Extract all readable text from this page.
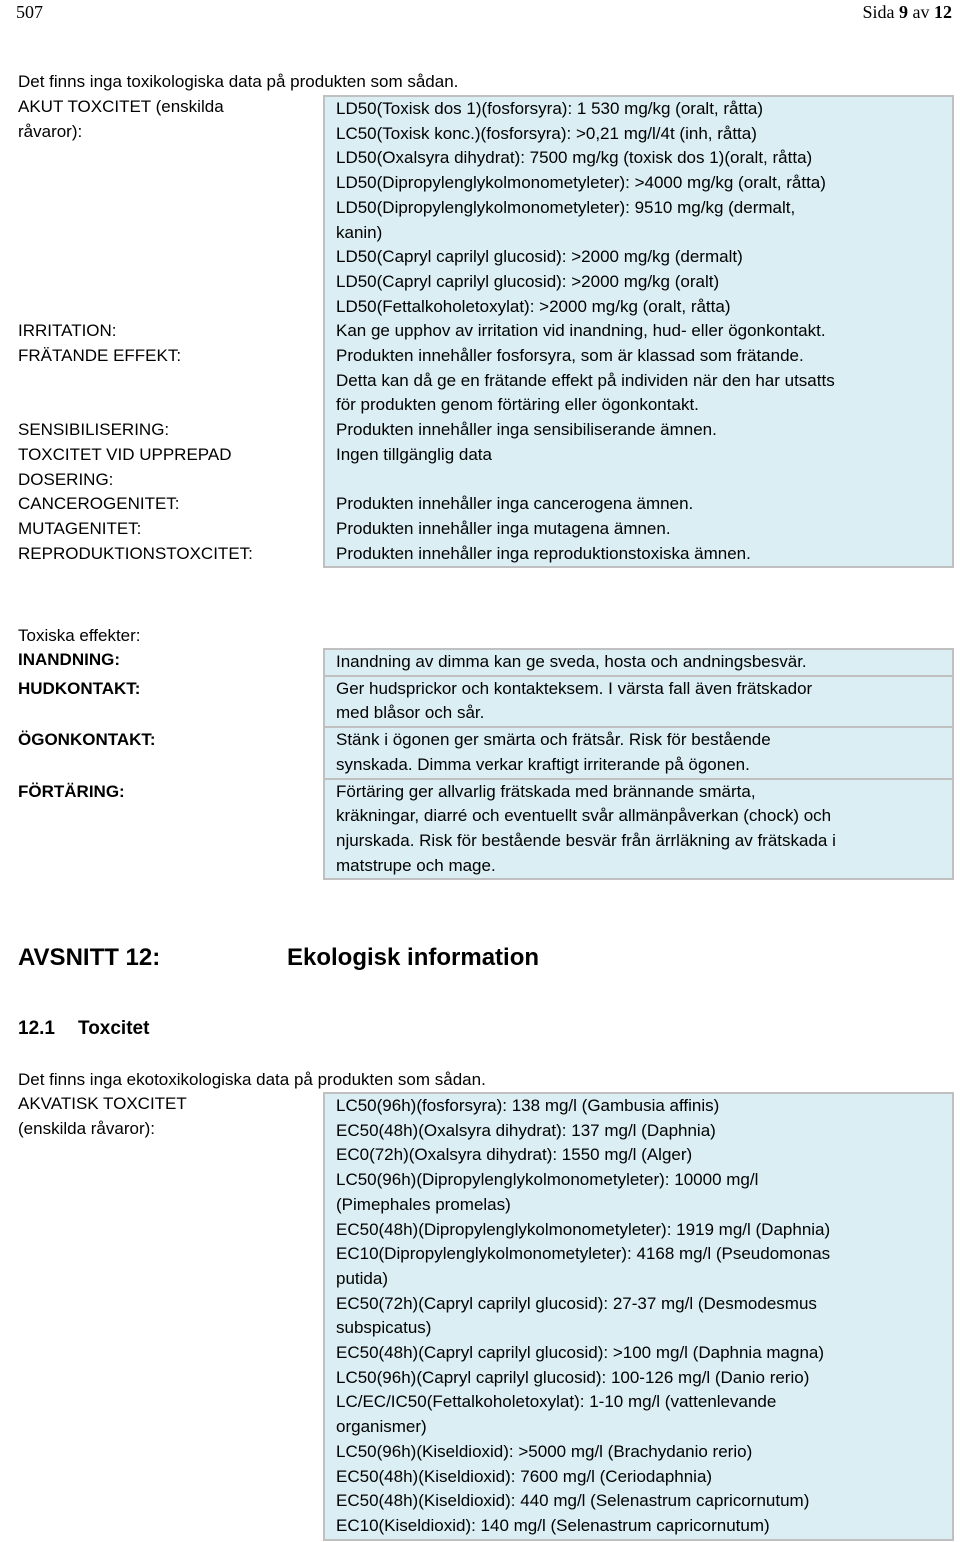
507	Sida 9 av 12
Det finns inga toxikologiska data på produkten som sådan.
AKUT TOXCITET (enskilda
råvaror):
LD50(Toxisk dos 1)(fosforsyra): 1 530 mg/kg (oralt, råtta)
LC50(Toxisk konc.)(fosforsyra): >0,21 mg/l/4t (inh, råtta)
LD50(Oxalsyra dihydrat): 7500 mg/kg (toxisk dos 1)(oralt, råtta)
LD50(Dipropylenglykolmonometyleter): >4000 mg/kg (oralt, råtta)
LD50(Dipropylenglykolmonometyleter): 9510 mg/kg (dermalt,
kanin)
LD50(Capryl caprilyl glucosid): >2000 mg/kg (dermalt)
LD50(Capryl caprilyl glucosid): >2000 mg/kg (oralt)
LD50(Fettalkoholetoxylat): >2000 mg/kg (oralt, råtta)
IRRITATION:	Kan ge upphov av irritation vid inandning, hud- eller ögonkontakt.
FRÄTANDE EFFEKT:	Produkten innehåller fosforsyra, som är klassad som frätande.
Detta kan då ge en frätande effekt på individen när den har utsatts
för produkten genom förtäring eller ögonkontakt.
SENSIBILISERING:	Produkten innehåller inga sensibiliserande ämnen.
TOXCITET VID UPPREPAD
DOSERING:
Ingen tillgänglig data
CANCEROGENITET:	Produkten innehåller inga cancerogena ämnen.
MUTAGENITET:	Produkten innehåller inga mutagena ämnen.
REPRODUKTIONSTOXCITET:	Produkten innehåller inga reproduktionstoxiska ämnen.
Toxiska effekter:
INANDNING:	Inandning av dimma kan ge sveda, hosta och andningsbesvär.
HUDKONTAKT:	Ger hudsprickor och kontakteksem. I värsta fall även frätskador
med blåsor och sår.
ÖGONKONTAKT:	Stänk i ögonen ger smärta och frätsår. Risk för bestående
synskada. Dimma verkar kraftigt irriterande på ögonen.
FÖRTÄRING:	Förtäring ger allvarlig frätskada med brännande smärta,
kräkningar, diarré och eventuellt svår allmänpåverkan (chock) och
njurskada. Risk för bestående besvär från ärrläkning av frätskada i
matstrupe och mage.
AVSNITT 12:	Ekologisk information
12.1 Toxcitet
Det finns inga ekotoxikologiska data på produkten som sådan.
AKVATISK TOXCITET
(enskilda råvaror):
LC50(96h)(fosforsyra): 138 mg/l (Gambusia affinis)
EC50(48h)(Oxalsyra dihydrat): 137 mg/l (Daphnia)
EC0(72h)(Oxalsyra dihydrat): 1550 mg/l (Alger)
LC50(96h)(Dipropylenglykolmonometyleter): 10000 mg/l
(Pimephales promelas)
EC50(48h)(Dipropylenglykolmonometyleter): 1919 mg/l (Daphnia)
EC10(Dipropylenglykolmonometyleter): 4168 mg/l (Pseudomonas
putida)
EC50(72h)(Capryl caprilyl glucosid): 27-37 mg/l (Desmodesmus
subspicatus)
EC50(48h)(Capryl caprilyl glucosid): >100 mg/l (Daphnia magna)
LC50(96h)(Capryl caprilyl glucosid): 100-126 mg/l (Danio rerio)
LC/EC/IC50(Fettalkoholetoxylat): 1-10 mg/l (vattenlevande
organismer)
LC50(96h)(Kiseldioxid): >5000 mg/l (Brachydanio rerio)
EC50(48h)(Kiseldioxid): 7600 mg/l (Ceriodaphnia)
EC50(48h)(Kiseldioxid): 440 mg/l (Selenastrum capricornutum)
EC10(Kiseldioxid): 140 mg/l (Selenastrum capricornutum)
